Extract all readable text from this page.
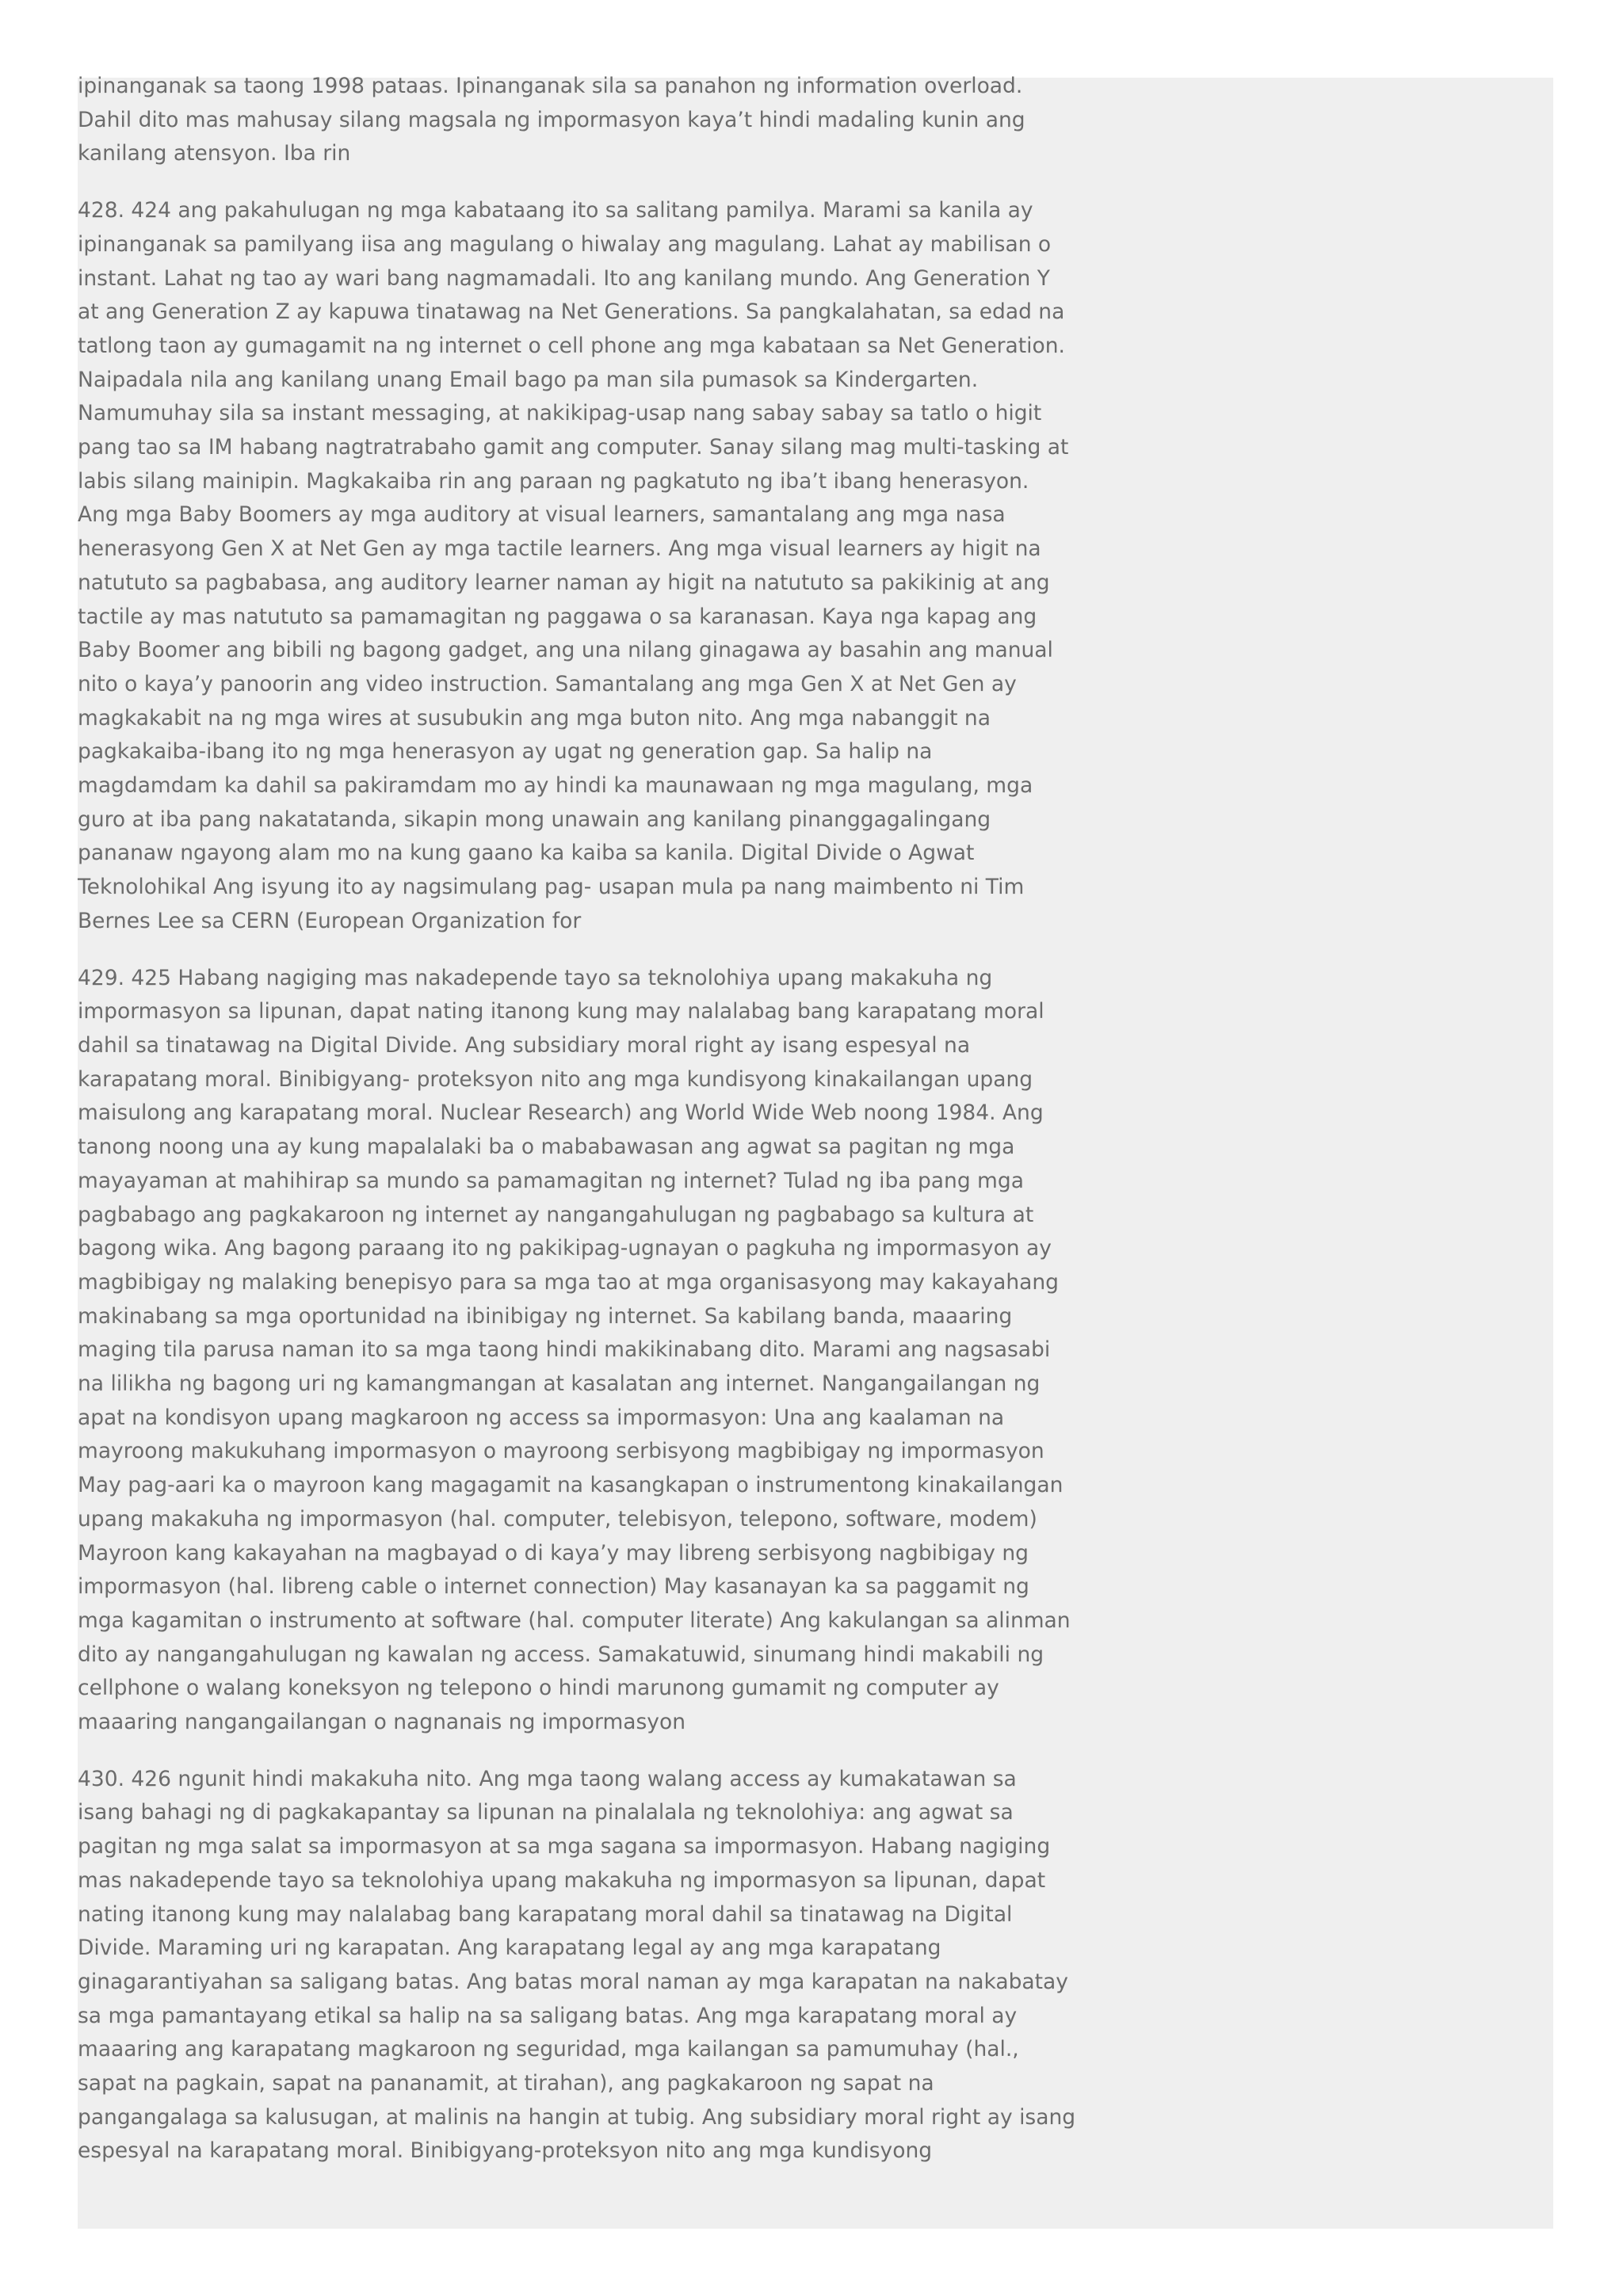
ipinanganak sa taong 1998 pataas. Ipinanganak sila sa panahon ng information overload. Dahil dito mas mahusay silang magsala ng impormasyon kaya’t hindi madaling kunin ang kanilang atensyon. Iba rin

428. 424 ang pakahulugan ng mga kabataang ito sa salitang pamilya. Marami sa kanila ay ipinanganak sa pamilyang iisa ang magulang o hiwalay ang magulang. Lahat ay mabilisan o instant. Lahat ng tao ay wari bang nagmamadali. Ito ang kanilang mundo. Ang Generation Y at ang Generation Z ay kapuwa tinatawag na Net Generations. Sa pangkalahatan, sa edad na tatlong taon ay gumagamit na ng internet o cell phone ang mga kabataan sa Net Generation. Naipadala nila ang kanilang unang Email bago pa man sila pumasok sa Kindergarten. Namumuhay sila sa instant messaging, at nakikipag-usap nang sabay sabay sa tatlo o higit pang tao sa IM habang nagtratrabaho gamit ang computer. Sanay silang mag multi-tasking at labis silang mainipin. Magkakaiba rin ang paraan ng pagkatuto ng iba’t ibang henerasyon. Ang mga Baby Boomers ay mga auditory at visual learners, samantalang ang mga nasa henerasyong Gen X at Net Gen ay mga tactile learners. Ang mga visual learners ay higit na natututo sa pagbabasa, ang auditory learner naman ay higit na natututo sa pakikinig at ang tactile ay mas natututo sa pamamagitan ng paggawa o sa karanasan. Kaya nga kapag ang Baby Boomer ang bibili ng bagong gadget, ang una nilang ginagawa ay basahin ang manual nito o kaya’y panoorin ang video instruction. Samantalang ang mga Gen X at Net Gen ay magkakabit na ng mga wires at susubukin ang mga buton nito. Ang mga nabanggit na pagkakaiba-ibang ito ng mga henerasyon ay ugat ng generation gap. Sa halip na magdamdam ka dahil sa pakiramdam mo ay hindi ka maunawaan ng mga magulang, mga guro at iba pang nakatatanda, sikapin mong unawain ang kanilang pinanggagalingang pananaw ngayong alam mo na kung gaano ka kaiba sa kanila. Digital Divide o Agwat Teknolohikal Ang isyung ito ay nagsimulang pag- usapan mula pa nang maimbento ni Tim Bernes Lee sa CERN (European Organization for

429. 425 Habang nagiging mas nakadepende tayo sa teknolohiya upang makakuha ng impormasyon sa lipunan, dapat nating itanong kung may nalalabag bang karapatang moral dahil sa tinatawag na Digital Divide. Ang subsidiary moral right ay isang espesyal na karapatang moral. Binibigyang- proteksyon nito ang mga kundisyong kinakailangan upang maisulong ang karapatang moral. Nuclear Research) ang World Wide Web noong 1984. Ang tanong noong una ay kung mapalalaki ba o mababawasan ang agwat sa pagitan ng mga mayayaman at mahihirap sa mundo sa pamamagitan ng internet? Tulad ng iba pang mga pagbabago ang pagkakaroon ng internet ay nangangahulugan ng pagbabago sa kultura at bagong wika. Ang bagong paraang ito ng pakikipag-ugnayan o pagkuha ng impormasyon ay magbibigay ng malaking benepisyo para sa mga tao at mga organisasyong may kakayahang makinabang sa mga oportunidad na ibinibigay ng internet. Sa kabilang banda, maaaring maging tila parusa naman ito sa mga taong hindi makikinabang dito. Marami ang nagsasabi na lilikha ng bagong uri ng kamangmangan at kasalatan ang internet. Nangangailangan ng apat na kondisyon upang magkaroon ng access sa impormasyon: Una ang kaalaman na mayroong makukuhang impormasyon o mayroong serbisyong magbibigay ng impormasyon May pag-aari ka o mayroon kang magagamit na kasangkapan o instrumentong kinakailangan upang makakuha ng impormasyon (hal. computer, telebisyon, telepono, software, modem) Mayroon kang kakayahan na magbayad o di kaya’y may libreng serbisyong nagbibigay ng impormasyon (hal. libreng cable o internet connection) May kasanayan ka sa paggamit ng mga kagamitan o instrumento at software (hal. computer literate) Ang kakulangan sa alinman dito ay nangangahulugan ng kawalan ng access. Samakatuwid, sinumang hindi makabili ng cellphone o walang koneksyon ng telepono o hindi marunong gumamit ng computer ay maaaring nangangailangan o nagnanais ng impormasyon

430. 426 ngunit hindi makakuha nito. Ang mga taong walang access ay kumakatawan sa isang bahagi ng di pagkakapantay sa lipunan na pinalalala ng teknolohiya: ang agwat sa pagitan ng mga salat sa impormasyon at sa mga sagana sa impormasyon. Habang nagiging mas nakadepende tayo sa teknolohiya upang makakuha ng impormasyon sa lipunan, dapat nating itanong kung may nalalabag bang karapatang moral dahil sa tinatawag na Digital Divide. Maraming uri ng karapatan. Ang karapatang legal ay ang mga karapatang ginagarantiyahan sa saligang batas. Ang batas moral naman ay mga karapatan na nakabatay sa mga pamantayang etikal sa halip na sa saligang batas. Ang mga karapatang moral ay maaaring ang karapatang magkaroon ng seguridad, mga kailangan sa pamumuhay (hal., sapat na pagkain, sapat na pananamit, at tirahan), ang pagkakaroon ng sapat na pangangalaga sa kalusugan, at malinis na hangin at tubig. Ang subsidiary moral right ay isang espesyal na karapatang moral. Binibigyang-proteksyon nito ang mga kundisyong
